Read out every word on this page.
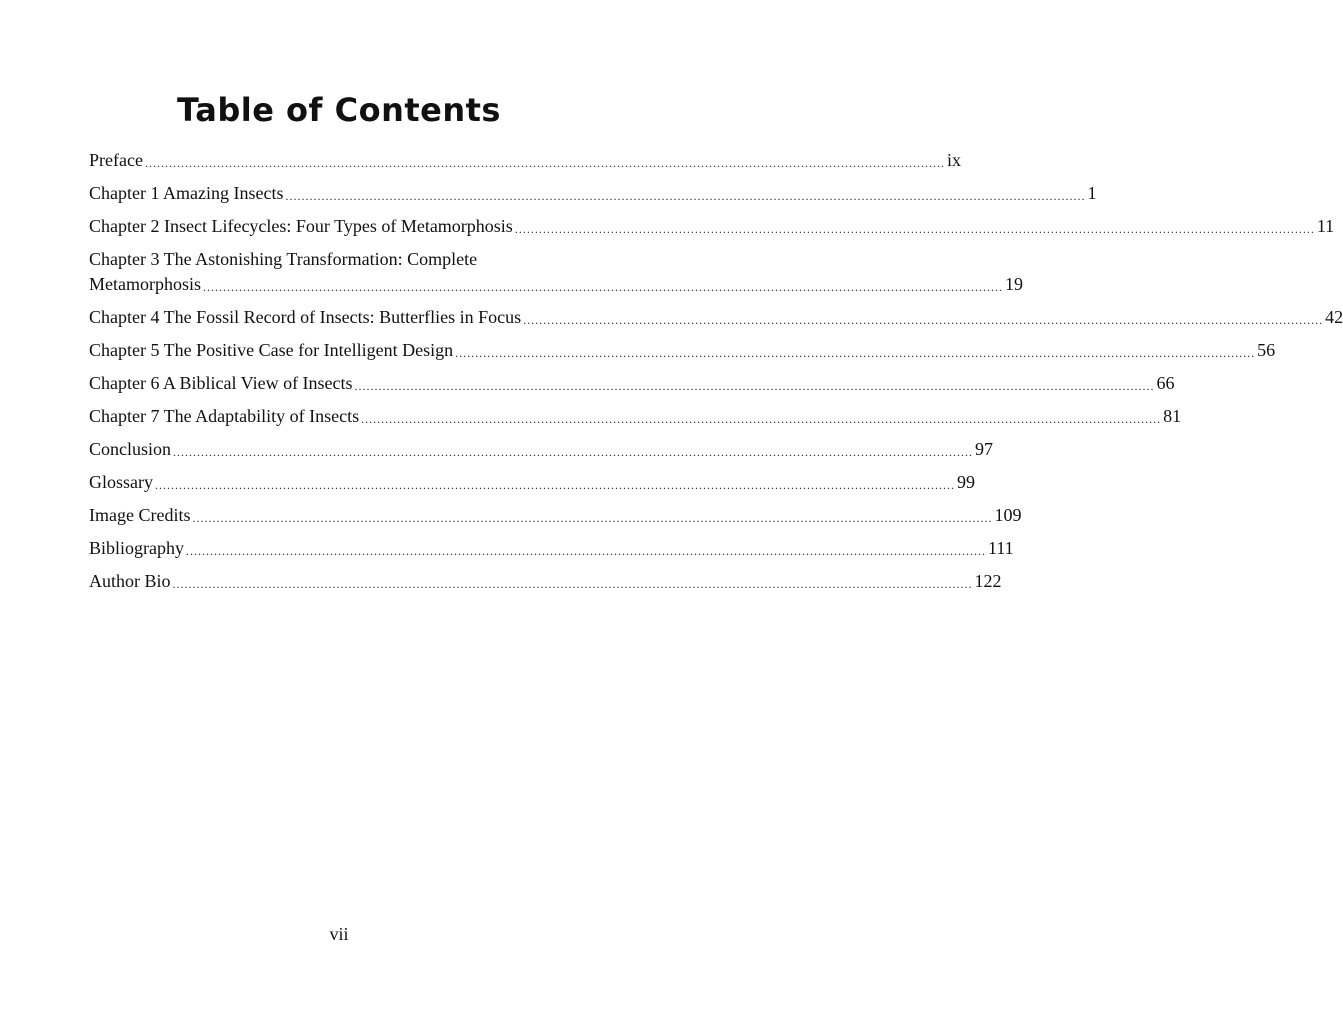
Table of Contents
Preface ........................................................................................................................................................................................................ ix
Chapter 1 Amazing Insects ........................................................................................................................................................................................................ 1
Chapter 2 Insect Lifecycles: Four Types of Metamorphosis ........................................................................................................................................................................................................ 11
Chapter 3 The Astonishing Transformation: Complete
Metamorphosis ........................................................................................................................................................................................................ 19
Chapter 4 The Fossil Record of Insects: Butterflies in Focus ........................................................................................................................................................................................................ 42
Chapter 5 The Positive Case for Intelligent Design ........................................................................................................................................................................................................ 56
Chapter 6 A Biblical View of Insects ........................................................................................................................................................................................................ 66
Chapter 7 The Adaptability of Insects ........................................................................................................................................................................................................ 81
Conclusion ........................................................................................................................................................................................................ 97
Glossary ........................................................................................................................................................................................................ 99
Image Credits ........................................................................................................................................................................................................ 109
Bibliography ........................................................................................................................................................................................................ 111
Author Bio ........................................................................................................................................................................................................ 122
vii
